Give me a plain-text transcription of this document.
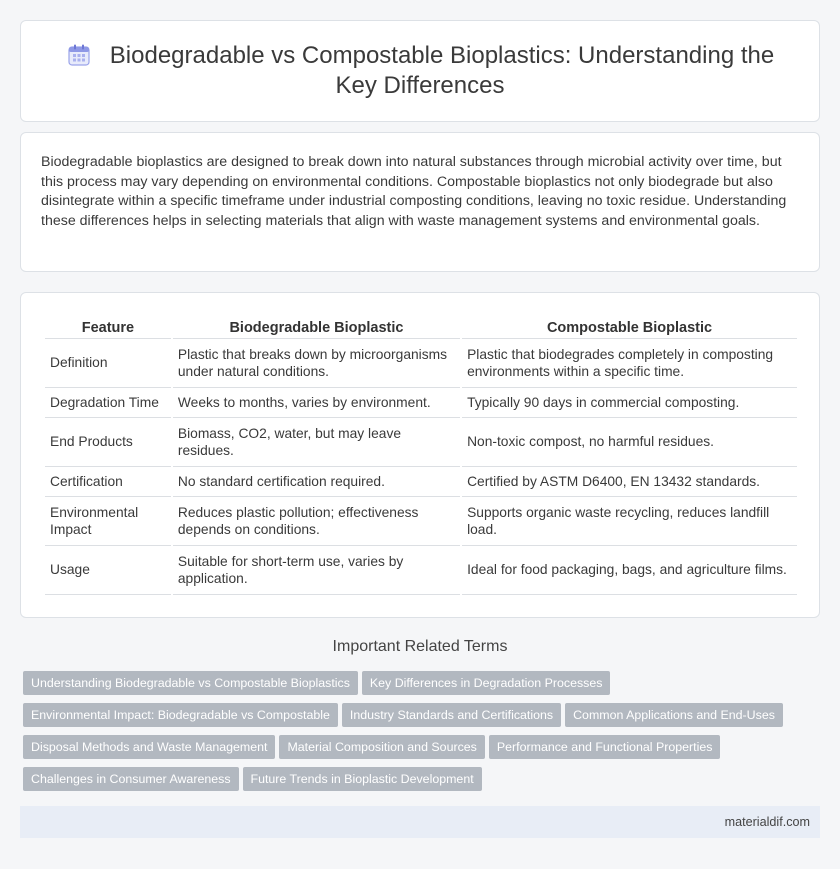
Biodegradable vs Compostable Bioplastics: Understanding the Key Differences

Biodegradable bioplastics are designed to break down into natural substances through microbial activity over time, but this process may vary depending on environmental conditions. Compostable bioplastics not only biodegrade but also disintegrate within a specific timeframe under industrial composting conditions, leaving no toxic residue. Understanding these differences helps in selecting materials that align with waste management systems and environmental goals.

Feature	Biodegradable Bioplastic	Compostable Bioplastic
Definition	Plastic that breaks down by microorganisms under natural conditions.	Plastic that biodegrades completely in composting environments within a specific time.
Degradation Time	Weeks to months, varies by environment.	Typically 90 days in commercial composting.
End Products	Biomass, CO2, water, but may leave residues.	Non-toxic compost, no harmful residues.
Certification	No standard certification required.	Certified by ASTM D6400, EN 13432 standards.
Environmental Impact	Reduces plastic pollution; effectiveness depends on conditions.	Supports organic waste recycling, reduces landfill load.
Usage	Suitable for short-term use, varies by application.	Ideal for food packaging, bags, and agriculture films.
Important Related Terms
Understanding Biodegradable vs Compostable Bioplastics Key Differences in Degradation Processes
Environmental Impact: Biodegradable vs Compostable Industry Standards and Certifications Common Applications and End-Uses
Disposal Methods and Waste Management Material Composition and Sources Performance and Functional Properties
Challenges in Consumer Awareness Future Trends in Bioplastic Development
materialdif.com
